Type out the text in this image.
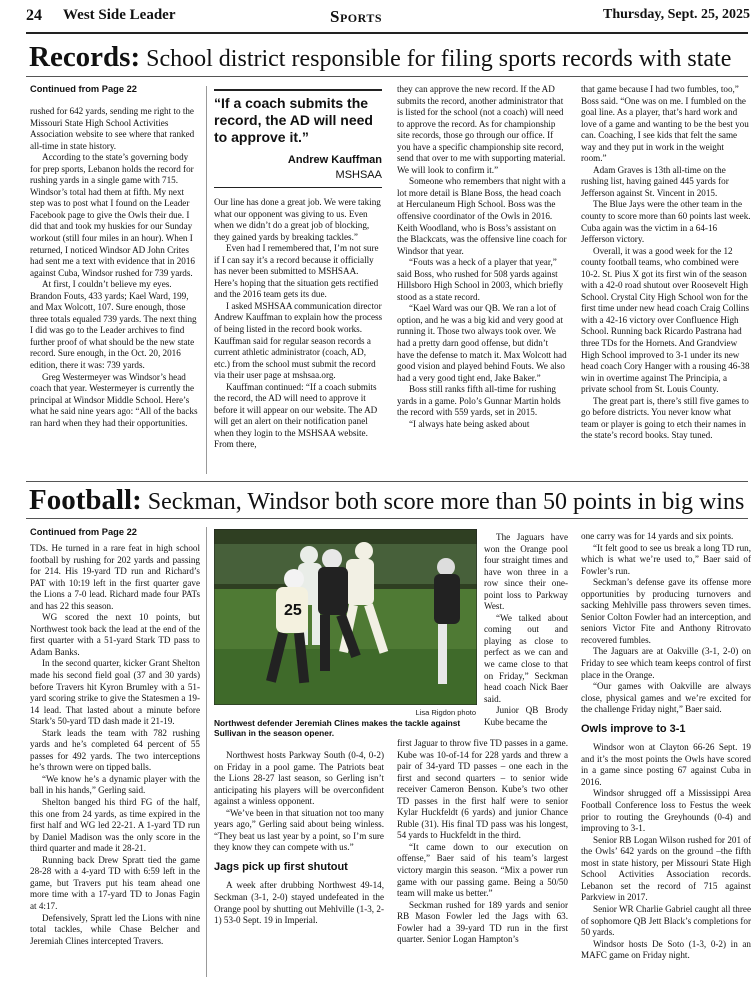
24 West Side Leader	Sports	Thursday, Sept. 25, 2025
Records: School district responsible for filing sports records with state
Continued from Page 22

rushed for 642 yards, sending me right to the Missouri State High School Activities Association website to see where that ranked all-time in state history.

According to the state’s governing body for prep sports, Lebanon holds the record for rushing yards in a single game with 715. Windsor’s total had them at fifth. My next step was to post what I found on the Leader Facebook page to give the Owls their due. I did that and took my huskies for our Sunday workout (still four miles in an hour). When I returned, I noticed Windsor AD John Crites had sent me a text with evidence that in 2016 against Cuba, Windsor rushed for 739 yards.

At first, I couldn’t believe my eyes. Brandon Fouts, 433 yards; Kael Ward, 199, and Max Wolcott, 107. Sure enough, those three totals equaled 739 yards. The next thing I did was go to the Leader archives to find further proof of what should be the new state record. Sure enough, in the Oct. 20, 2016 edition, there it was: 739 yards.

Greg Westermeyer was Windsor’s head coach that year. Westermeyer is currently the principal at Windsor Middle School. Here’s what he said nine years ago: “All of the backs ran hard when they had their opportunities.

“If a coach submits the record, the AD will need to approve it.”
Andrew Kauffman
MSHSAA

Our line has done a great job. We were taking what our opponent was giving to us. Even when we didn’t do a great job of blocking, they gained yards by breaking tackles.”

Even had I remembered that, I’m not sure if I can say it’s a record because it officially has never been submitted to MSHSAA. Here’s hoping that the situation gets rectified and the 2016 team gets its due.

I asked MSHSAA communication director Andrew Kauffman to explain how the process of being listed in the record book works. Kauffman said for regular season records a current athletic administrator (coach, AD, etc.) from the school must submit the record via their user page at mshsaa.org.

Kauffman continued: “If a coach submits the record, the AD will need to approve it before it will appear on our website. The AD will get an alert on their notification panel when they login to the MSHSAA website. From there,

they can approve the new record. If the AD submits the record, another administrator that is listed for the school (not a coach) will need to approve the record. As for championship site records, those go through our office. If you have a specific championship site record, send that over to me with supporting material. We will look to confirm it.”

Someone who remembers that night with a lot more detail is Blane Boss, the head coach at Herculaneum High School. Boss was the offensive coordinator of the Owls in 2016. Keith Woodland, who is Boss’s assistant on the Blackcats, was the offensive line coach for Windsor that year.

“Fouts was a heck of a player that year,” said Boss, who rushed for 508 yards against Hillsboro High School in 2003, which briefly stood as a state record.

“Kael Ward was our QB. We ran a lot of option, and he was a big kid and very good at running it. Those two always took over. We had a pretty darn good offense, but didn’t have the defense to match it. Max Wolcott had good vision and played behind Fouts. We also had a very good tight end, Jake Baker.”

Boss still ranks fifth all-time for rushing yards in a game. Polo’s Gunnar Martin holds the record with 559 yards, set in 2015.

“I always hate being asked about

that game because I had two fumbles, too,” Boss said. “One was on me. I fumbled on the goal line. As a player, that’s hard work and love of a game and wanting to be the best you can. Coaching, I see kids that felt the same way and they put in work in the weight room.”

Adam Graves is 13th all-time on the rushing list, having gained 445 yards for Jefferson against St. Vincent in 2015.

The Blue Jays were the other team in the county to score more than 60 points last week. Cuba again was the victim in a 64-16 Jefferson victory.

Overall, it was a good week for the 12 county football teams, who combined were 10-2. St. Pius X got its first win of the season with a 42-0 road shutout over Roosevelt High School. Crystal City High School won for the first time under new head coach Craig Collins with a 42-16 victory over Confluence High School. Running back Ricardo Pastrana had three TDs for the Hornets. And Grandview High School improved to 3-1 under its new head coach Cory Hanger with a rousing 46-38 win in overtime against The Principia, a private school from St. Louis County.

The great part is, there’s still five games to go before districts. You never know what team or player is going to etch their names in the state’s record books. Stay tuned.

Football: Seckman, Windsor both score more than 50 points in big wins
Continued from Page 22

TDs. He turned in a rare feat in high school football by rushing for 202 yards and passing for 214. His 19-yard TD run and Richard’s PAT with 10:19 left in the first quarter gave the Lions a 7-0 lead. Richard made four PATs and has 22 this season.

WG scored the next 10 points, but Northwest took back the lead at the end of the first quarter with a 51-yard Stark TD pass to Adam Banks.

In the second quarter, kicker Grant Shelton made his second field goal (37 and 30 yards) before Travers hit Kyron Brumley with a 51-yard scoring strike to give the Statesmen a 19-14 lead. That lasted about a minute before Stark’s 50-yard TD dash made it 21-19.

Stark leads the team with 782 rushing yards and he’s completed 64 percent of 55 passes for 492 yards. The two interceptions he’s thrown were on tipped balls.

“We know he’s a dynamic player with the ball in his hands,” Gerling said.

Shelton banged his third FG of the half, this one from 24 yards, as time expired in the first half and WG led 22-21. A 1-yard TD run by Daniel Madison was the only score in the third quarter and made it 28-21.

Running back Drew Spratt tied the game 28-28 with a 4-yard TD with 6:59 left in the game, but Travers put his team ahead one more time with a 17-yard TD to Jonas Fagin at 4:17.

Defensively, Spratt led the Lions with nine total tackles, while Chase Belcher and Jeremiah Clines intercepted Travers.

25
Lisa Rigdon photo
Northwest defender Jeremiah Clines makes the tackle against Sullivan in the season opener.

Northwest hosts Parkway South (0-4, 0-2) on Friday in a pool game. The Patriots beat the Lions 28-27 last season, so Gerling isn’t anticipating his players will be overconfident against a winless opponent.

“We’ve been in that situation not too many years ago,” Gerling said about being winless. “They beat us last year by a point, so I’m sure they know they can compete with us.”

Jags pick up first shutout

A week after drubbing Northwest 49-14, Seckman (3-1, 2-0) stayed undefeated in the Orange pool by shutting out Mehlville (1-3, 2-1) 53-0 Sept. 19 in Imperial.

The Jaguars have won the Orange pool four straight times and have won three in a row since their one-point loss to Parkway West.

“We talked about coming out and playing as close to perfect as we can and we came close to that on Friday,” Seckman head coach Nick Baer said.

Junior QB Brody Kube became the

first Jaguar to throw five TD passes in a game. Kube was 10-of-14 for 228 yards and threw a pair of 34-yard TD passes – one each in the first and second quarters – to senior wide receiver Cameron Benson. Kube’s two other TD passes in the first half were to senior Kylar Huckfeldt (6 yards) and junior Chance Ruble (31). His final TD pass was his longest, 54 yards to Huckfeldt in the third.

“It came down to our execution on offense,” Baer said of his team’s largest victory margin this season. “Mix a power run game with our passing game. Being a 50/50 team will make us better.”

Seckman rushed for 189 yards and senior RB Mason Fowler led the Jags with 63. Fowler had a 39-yard TD run in the first quarter. Senior Logan Hampton’s

one carry was for 14 yards and six points.

“It felt good to see us break a long TD run, which is what we’re used to,” Baer said of Fowler’s run.

Seckman’s defense gave its offense more opportunities by producing turnovers and sacking Mehlville pass throwers seven times. Senior Colton Fowler had an interception, and seniors Victor Fite and Anthony Ritrovato recovered fumbles.

The Jaguars are at Oakville (3-1, 2-0) on Friday to see which team keeps control of first place in the Orange.

“Our games with Oakville are always close, physical games and we’re excited for the challenge Friday night,” Baer said.

Owls improve to 3-1

Windsor won at Clayton 66-26 Sept. 19 and it’s the most points the Owls have scored in a game since posting 67 against Cuba in 2016.

Windsor shrugged off a Mississippi Area Football Conference loss to Festus the week prior to routing the Greyhounds (0-4) and improving to 3-1.

Senior RB Logan Wilson rushed for 201 of the Owls’ 642 yards on the ground –the fifth most in state history, per Missouri State High School Activities Association records. Lebanon set the record of 715 against Parkview in 2017.

Senior WR Charlie Gabriel caught all three of sophomore QB Jett Black’s completions for 50 yards.

Windsor hosts De Soto (1-3, 0-2) in an MAFC game on Friday night.
